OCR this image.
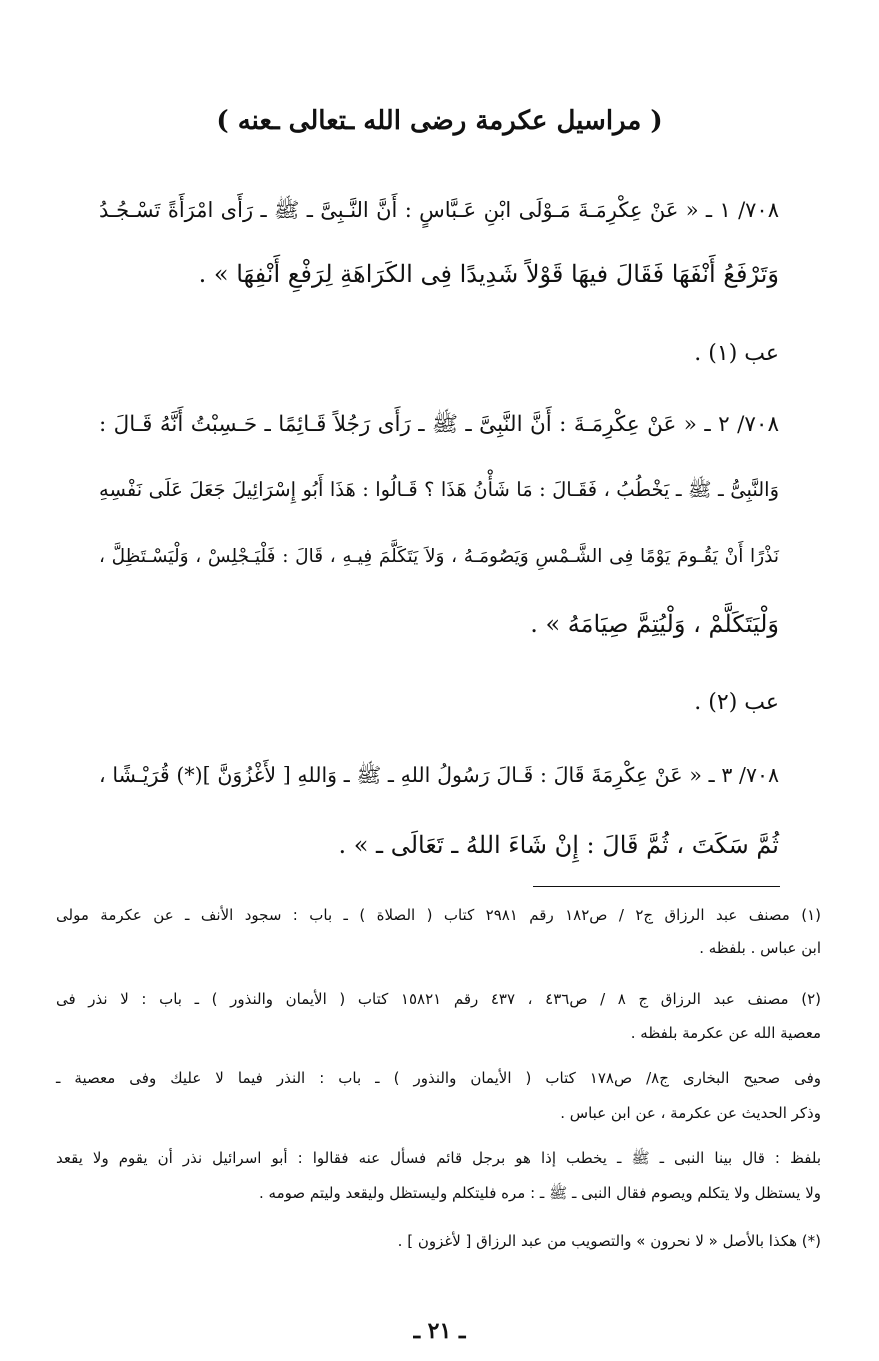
( مراسيل عكرمة رضى الله ـتعالى ـعنه )
٧٠٨/ ١ ـ « عَنْ عِكْرِمَـةَ مَـوْلَى ابْنِ عَـبَّاسٍ : أَنَّ النَّـبِىَّ ـ ﷺ ـ رَأَى امْرَأَةً تَسْـجُـدُ
وَتَرْفَعُ أَنْفَهَا فَقَالَ فيهَا قَوْلاً شَدِيدًا فِى الكَرَاهَةِ لِرَفْعِ أَنْفِهَا » .
عب (١) .
٧٠٨/ ٢ ـ « عَنْ عِكْرِمَـةَ : أَنَّ النَّبِىَّ ـ ﷺ ـ رَأَى رَجُلاً قَـائِمًا ـ حَـسِبْتُ أَنَّهُ قَـالَ :
وَالنَّبِىُّ ـ ﷺ ـ يَخْطُبُ ، فَقَـالَ : مَا شَأْنُ هَذَا ؟ قَـالُوا : هَذَا أَبُو إِسْرَائِيلَ جَعَلَ عَلَى نَفْسِهِ
نَذْرًا أَنْ يَقُـومَ يَوْمًا فِى الشَّـمْسِ وَيَصُومَـهُ ، وَلاَ يَتَكَلَّمَ فِيـهِ ، قَالَ : فَلْيَـجْلِسْ ، وَلْيَسْـتَظِلَّ ،
وَلْيَتَكَلَّمْ ، وَلْيُتِمَّ صِيَامَهُ » .
عب (٢) .
٧٠٨/ ٣ ـ « عَنْ عِكْرِمَةَ قَالَ : قَـالَ رَسُولُ اللهِ ـ ﷺ ـ وَاللهِ [ لأَغْزُوَنَّ ](*) قُرَيْـشًا ،
ثُمَّ سَكَتَ ، ثُمَّ قَالَ : إِنْ شَاءَ اللهُ ـ تَعَالَى ـ » .
(١) مصنف عبد الرزاق ج٢ / ص١٨٢ رقم ٢٩٨١ كتاب ( الصلاة ) ـ باب : سجود الأنف ـ عن عكرمة مولى
ابن عباس . بلفظه .
(٢) مصنف عبد الرزاق ج ٨ / ص٤٣٦ ، ٤٣٧ رقم ١٥٨٢١ كتاب ( الأيمان والنذور ) ـ باب : لا نذر فى
معصية الله عن عكرمة بلفظه .
وفى صحيح البخارى ج٨/ ص١٧٨ كتاب ( الأيمان والنذور ) ـ باب : النذر فيما لا عليك وفى معصية ـ
وذكر الحديث عن عكرمة ، عن ابن عباس .
بلفظ : قال بينا النبى ـ ﷺ ـ يخطب إذا هو برجل قائم فسأل عنه فقالوا : أبو اسرائيل نذر أن يقوم ولا يقعد
ولا يستظل ولا يتكلم ويصوم فقال النبى ـ ﷺ ـ : مره فليتكلم وليستظل وليقعد وليتم صومه .
(*) هكذا بالأصل « لا نحرون » والتصويب من عبد الرزاق [ لأغزون ] .
ـ ٢١ ـ
